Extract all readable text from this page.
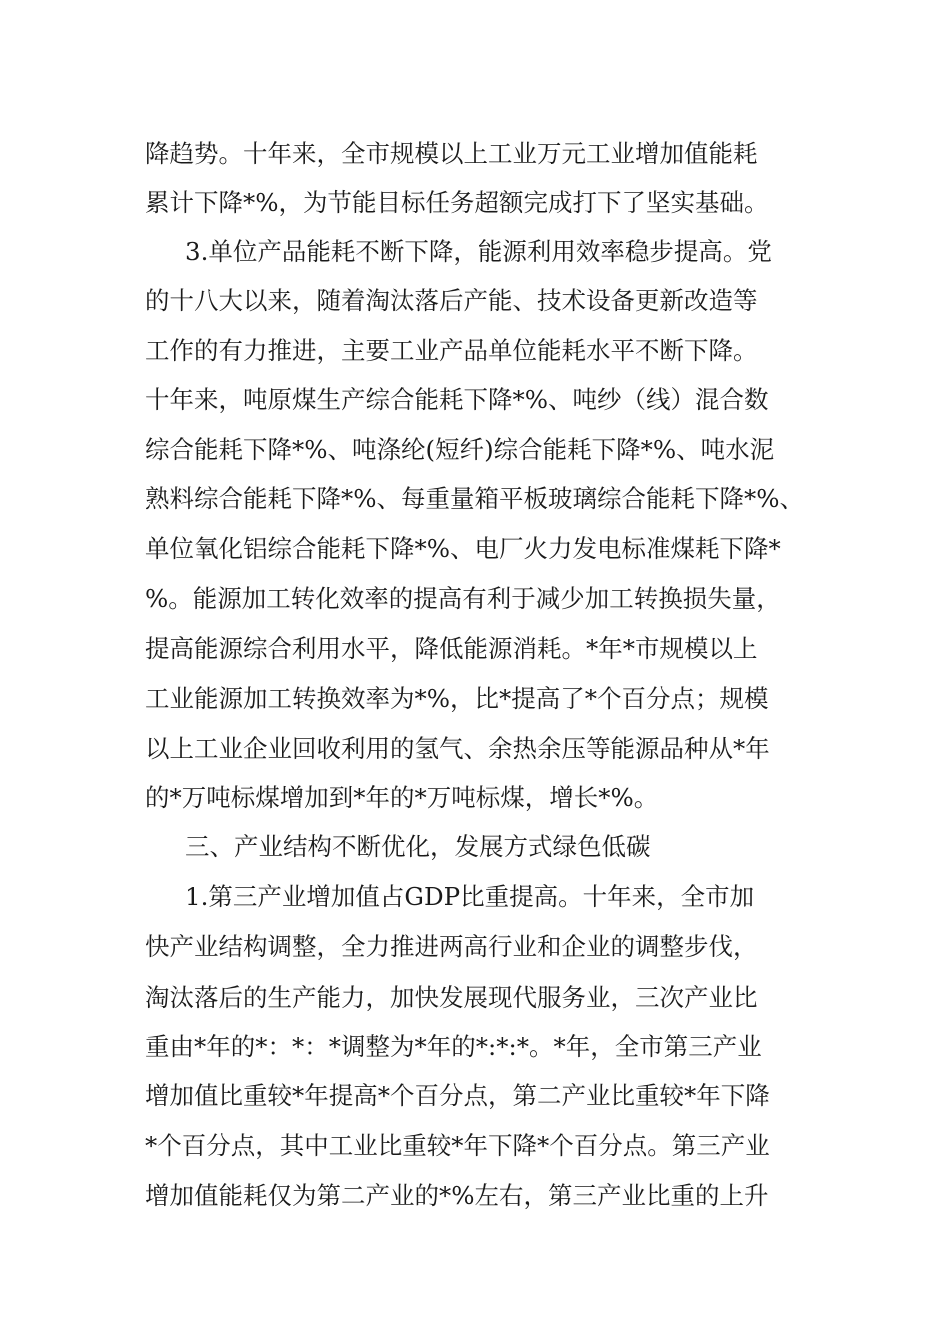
降趋势。十年来，全市规模以上工业万元工业增加值能耗
累计下降*%，为节能目标任务超额完成打下了坚实基础。
3.单位产品能耗不断下降，能源利用效率稳步提高。党
的十八大以来，随着淘汰落后产能、技术设备更新改造等
工作的有力推进，主要工业产品单位能耗水平不断下降。
十年来，吨原煤生产综合能耗下降*%、吨纱（线）混合数
综合能耗下降*%、吨涤纶(短纤)综合能耗下降*%、吨水泥
熟料综合能耗下降*%、每重量箱平板玻璃综合能耗下降*%、
单位氧化铝综合能耗下降*%、电厂火力发电标准煤耗下降*
%。能源加工转化效率的提高有利于减少加工转换损失量，
提高能源综合利用水平，降低能源消耗。*年*市规模以上
工业能源加工转换效率为*%，比*提高了*个百分点；规模
以上工业企业回收利用的氢气、余热余压等能源品种从*年
的*万吨标煤增加到*年的*万吨标煤，增长*%。
三、产业结构不断优化，发展方式绿色低碳
1.第三产业增加值占GDP比重提高。十年来，全市加
快产业结构调整，全力推进两高行业和企业的调整步伐，
淘汰落后的生产能力，加快发展现代服务业，三次产业比
重由*年的*：*：*调整为*年的*:*:*。*年，全市第三产业
增加值比重较*年提高*个百分点，第二产业比重较*年下降
*个百分点，其中工业比重较*年下降*个百分点。第三产业
增加值能耗仅为第二产业的*%左右，第三产业比重的上升
